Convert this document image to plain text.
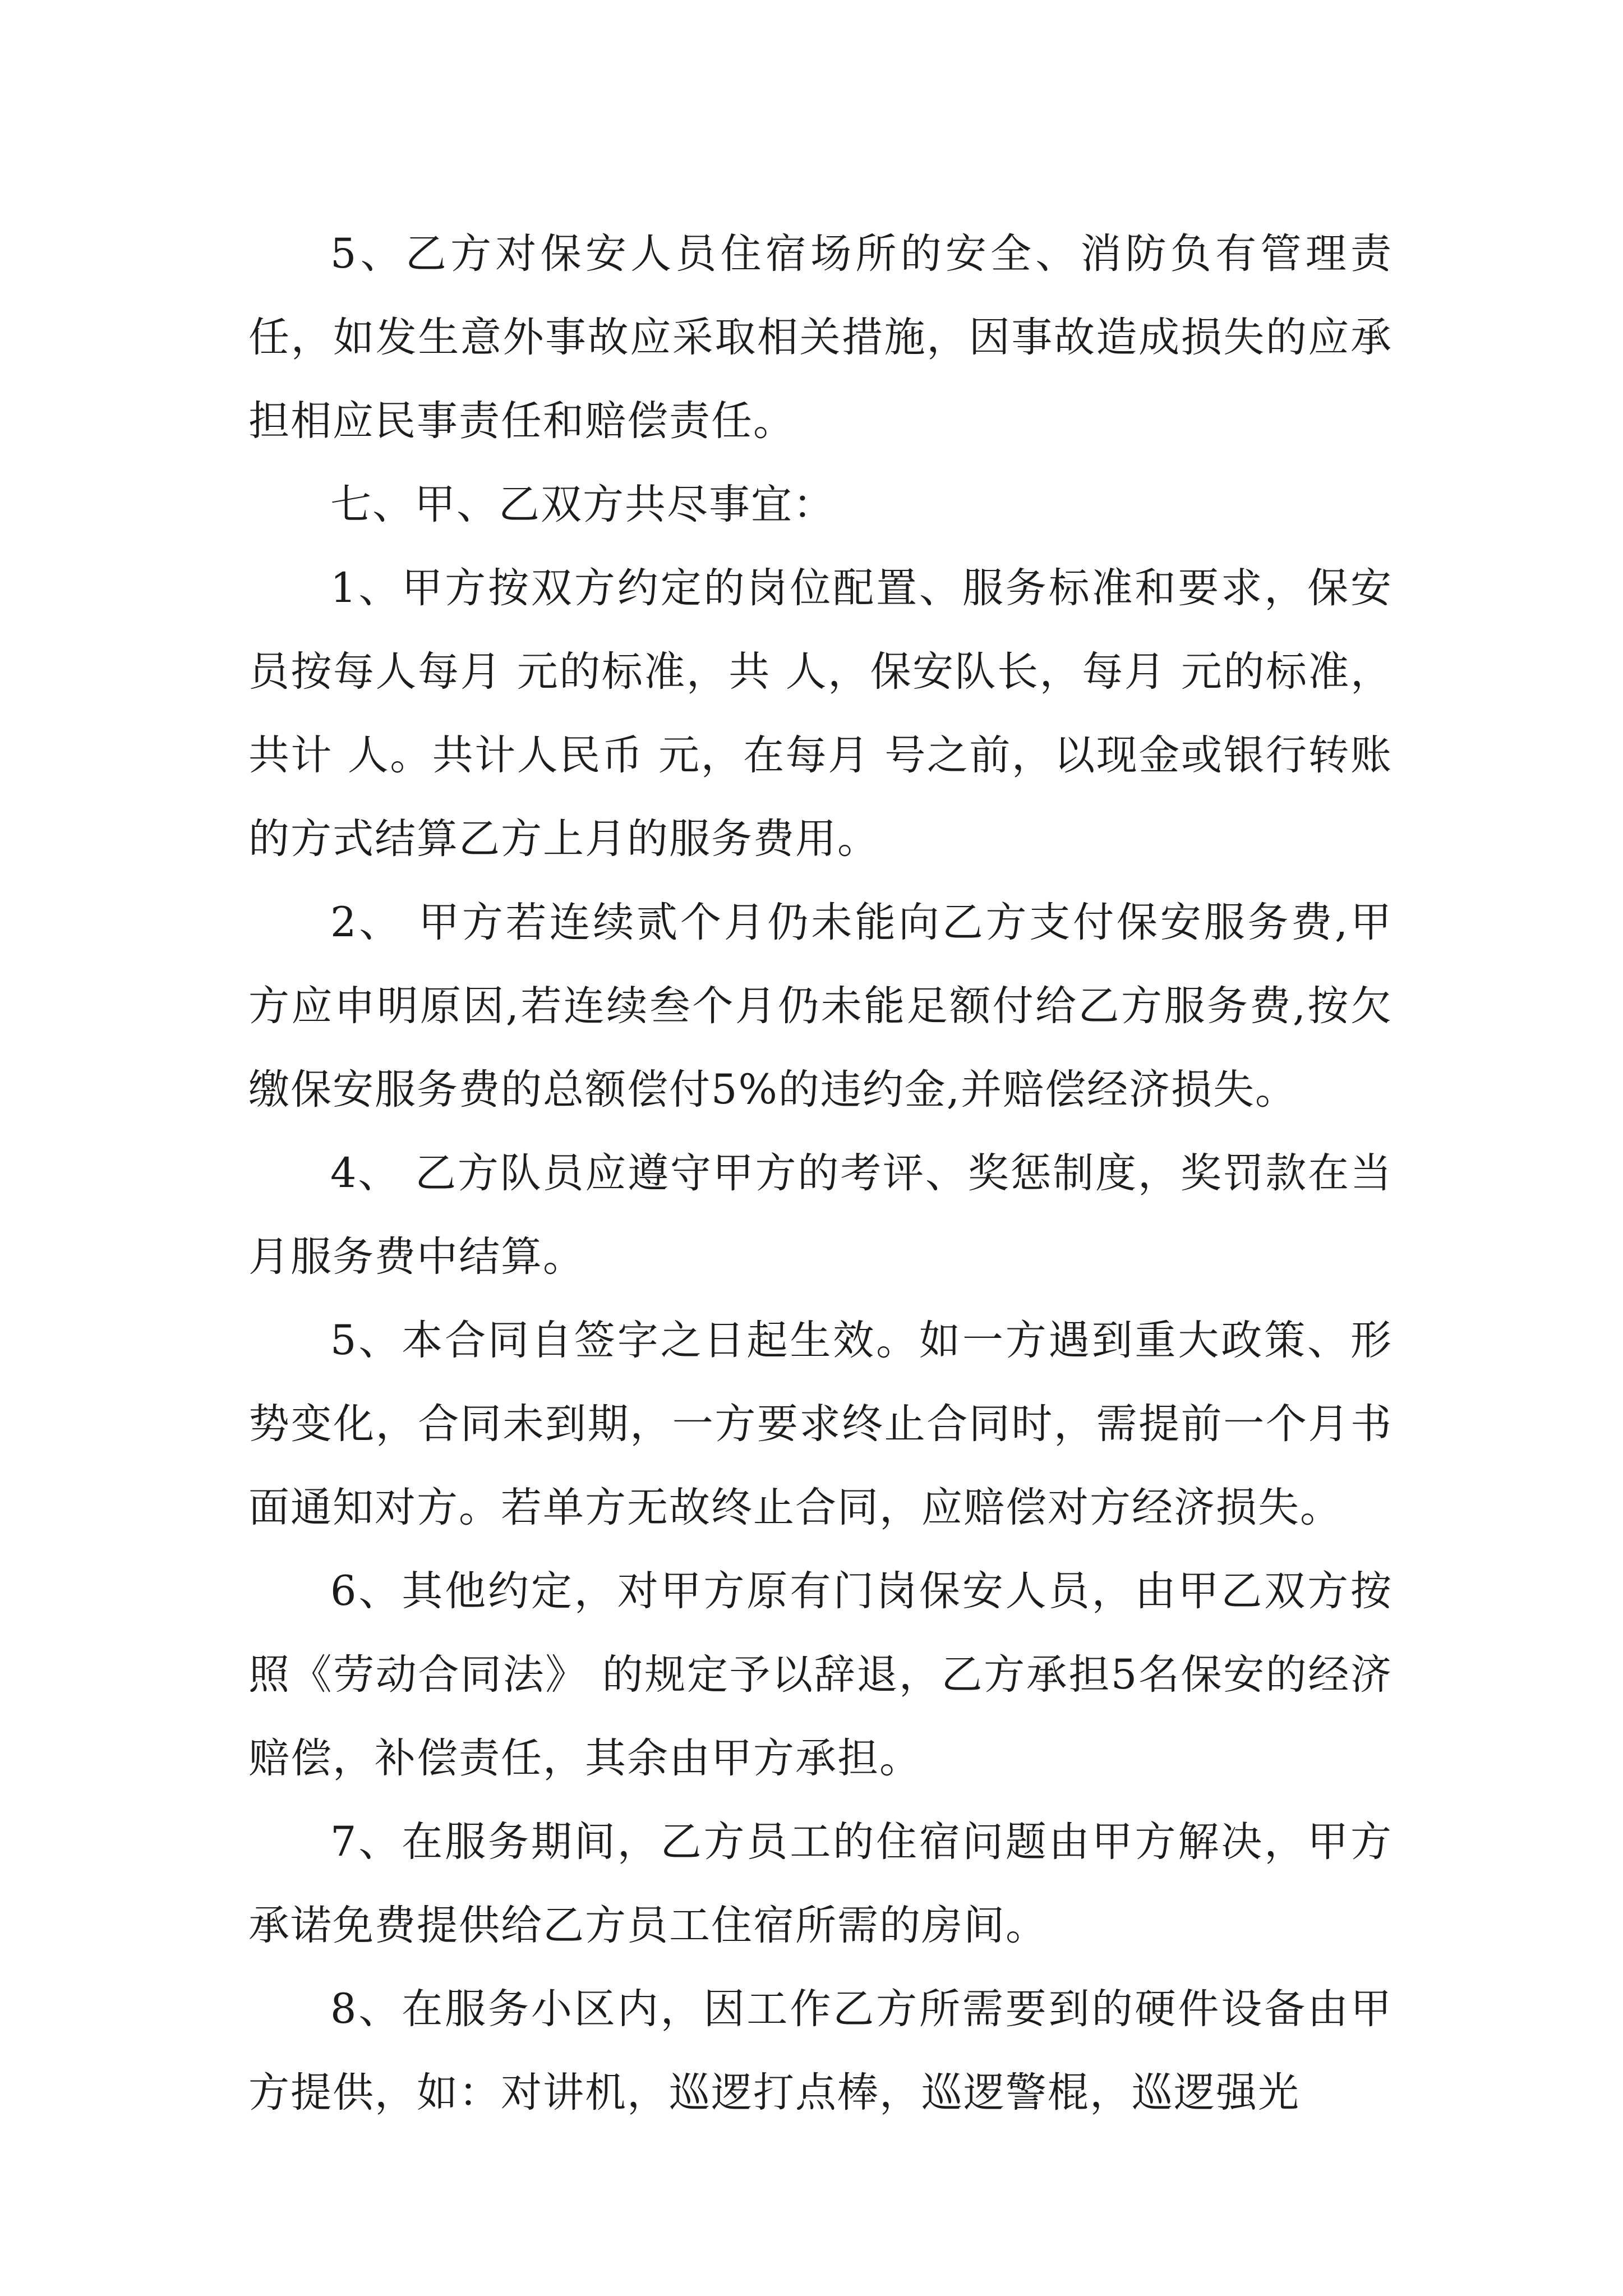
5、乙方对保安人员住宿场所的安全、消防负有管理责任，如发生意外事故应采取相关措施，因事故造成损失的应承担相应民事责任和赔偿责任。

七、甲、乙双方共尽事宜：

1、甲方按双方约定的岗位配置、服务标准和要求，保安员按每人每月 元的标准，共 人，保安队长，每月 元的标准，共计 人。共计人民币 元，在每月 号之前，以现金或银行转账的方式结算乙方上月的服务费用。

2、 甲方若连续贰个月仍未能向乙方支付保安服务费,甲方应申明原因,若连续叁个月仍未能足额付给乙方服务费,按欠缴保安服务费的总额偿付5%的违约金,并赔偿经济损失。

4、 乙方队员应遵守甲方的考评、奖惩制度，奖罚款在当月服务费中结算。

5、本合同自签字之日起生效。如一方遇到重大政策、形势变化，合同未到期，一方要求终止合同时，需提前一个月书面通知对方。若单方无故终止合同，应赔偿对方经济损失。

6、其他约定，对甲方原有门岗保安人员，由甲乙双方按照《劳动合同法》 的规定予以辞退，乙方承担5名保安的经济赔偿，补偿责任，其余由甲方承担。

7、在服务期间，乙方员工的住宿问题由甲方解决，甲方承诺免费提供给乙方员工住宿所需的房间。

8、在服务小区内，因工作乙方所需要到的硬件设备由甲方提供，如：对讲机，巡逻打点棒，巡逻警棍，巡逻强光
